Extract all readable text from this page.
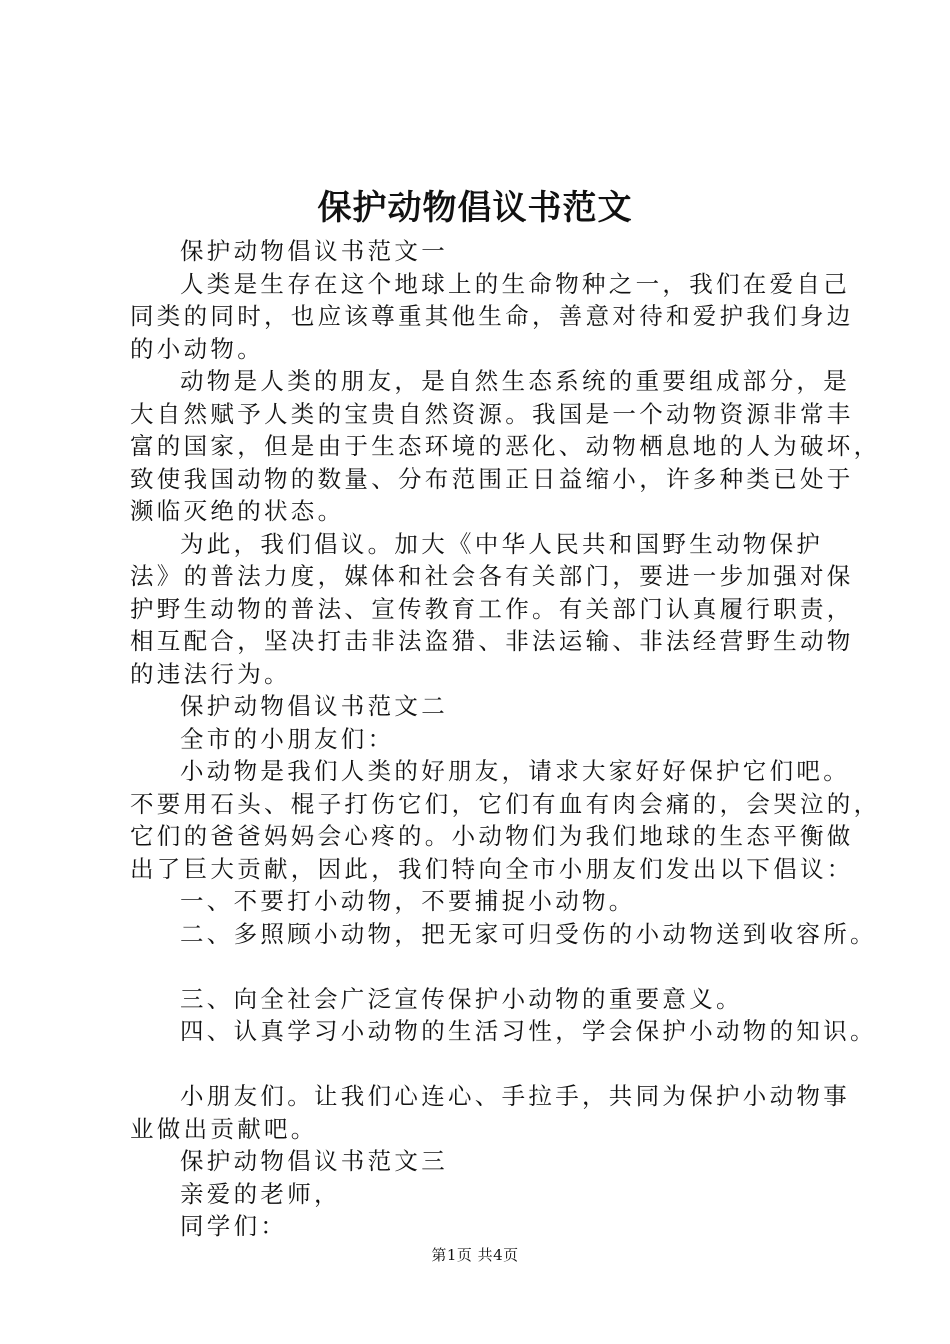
保护动物倡议书范文
保护动物倡议书范文一
人类是生存在这个地球上的生命物种之一，我们在爱自己
同类的同时，也应该尊重其他生命，善意对待和爱护我们身边
的小动物。
动物是人类的朋友，是自然生态系统的重要组成部分，是
大自然赋予人类的宝贵自然资源。我国是一个动物资源非常丰
富的国家，但是由于生态环境的恶化、动物栖息地的人为破坏，
致使我国动物的数量、分布范围正日益缩小，许多种类已处于
濒临灭绝的状态。
为此，我们倡议。加大《中华人民共和国野生动物保护
法》的普法力度，媒体和社会各有关部门，要进一步加强对保
护野生动物的普法、宣传教育工作。有关部门认真履行职责，
相互配合，坚决打击非法盗猎、非法运输、非法经营野生动物
的违法行为。
保护动物倡议书范文二
全市的小朋友们：
小动物是我们人类的好朋友，请求大家好好保护它们吧。
不要用石头、棍子打伤它们，它们有血有肉会痛的，会哭泣的，
它们的爸爸妈妈会心疼的。小动物们为我们地球的生态平衡做
出了巨大贡献，因此，我们特向全市小朋友们发出以下倡议：
一、不要打小动物，不要捕捉小动物。
二、多照顾小动物，把无家可归受伤的小动物送到收容所。

三、向全社会广泛宣传保护小动物的重要意义。
四、认真学习小动物的生活习性，学会保护小动物的知识。

小朋友们。让我们心连心、手拉手，共同为保护小动物事
业做出贡献吧。
保护动物倡议书范文三
亲爱的老师，
同学们：
第1页 共4页
